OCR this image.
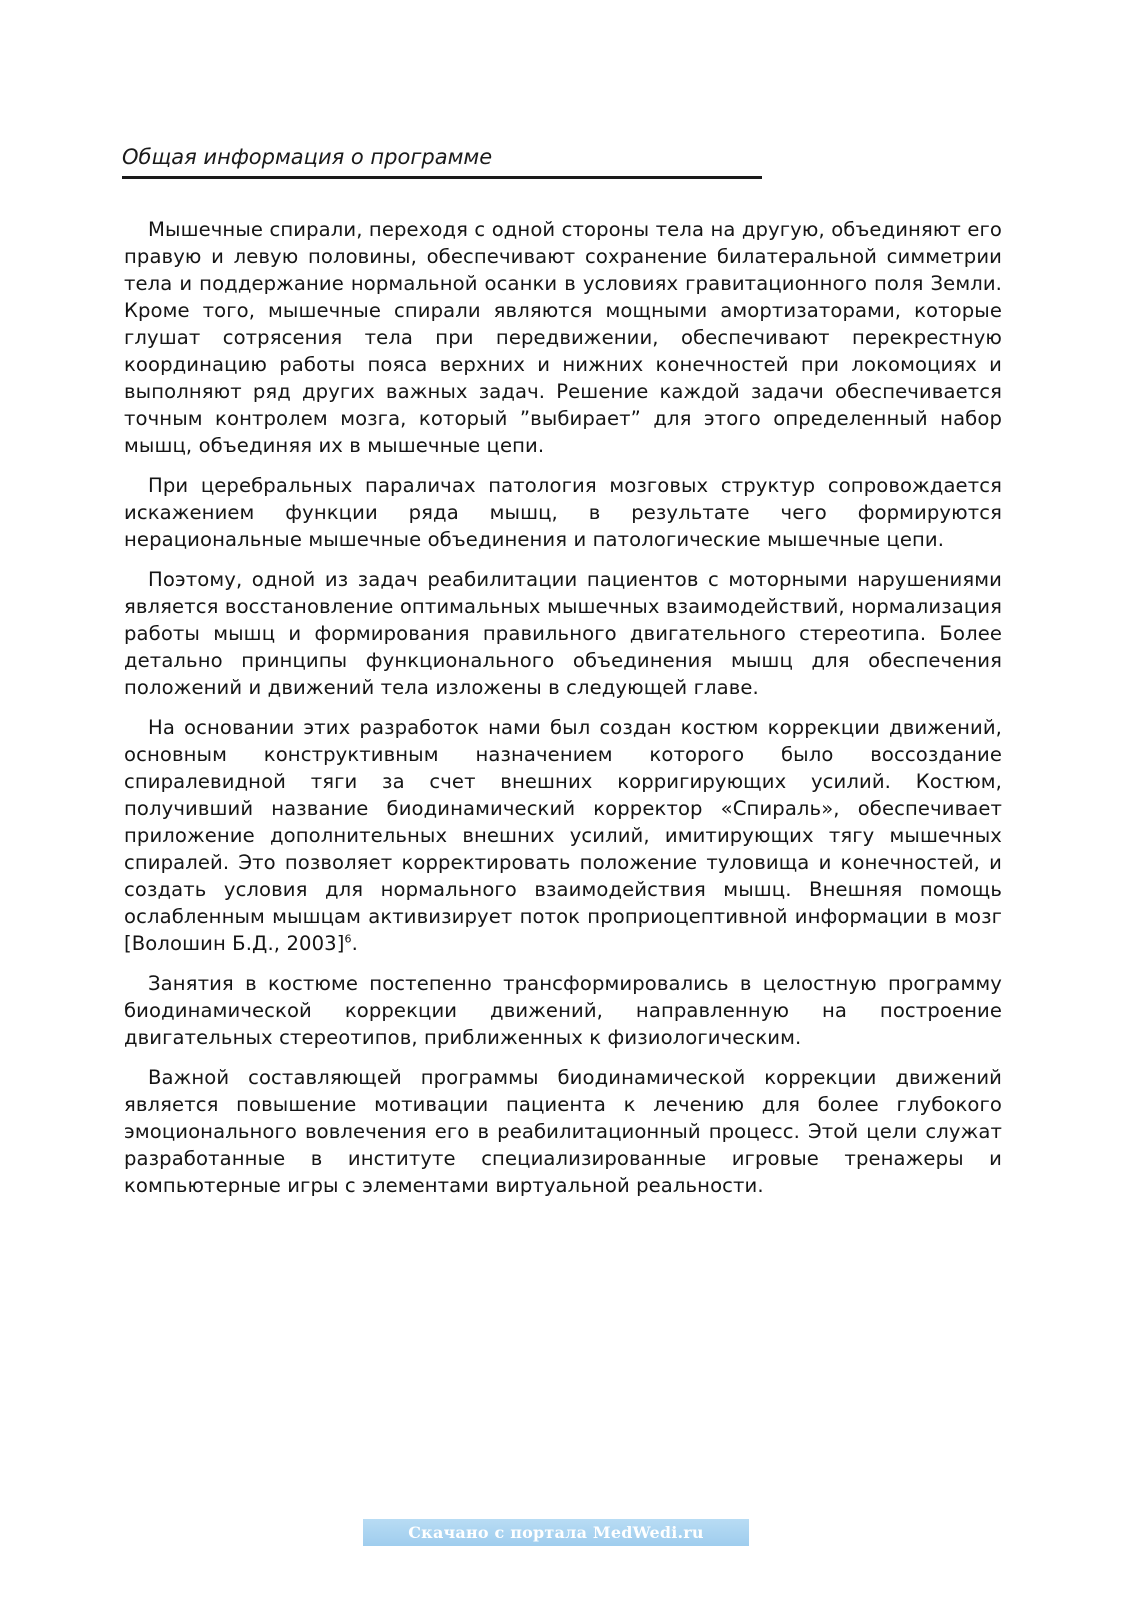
Общая информация о программе

Мышечные спирали, переходя с одной стороны тела на другую, объединяют его правую и левую половины, обеспечивают сохранение билатеральной симметрии тела и поддержание нормальной осанки в условиях гравитационного поля Земли. Кроме того, мышечные спирали являются мощными амортизаторами, которые глушат сотрясения тела при передвижении, обеспечивают перекрестную координацию работы пояса верхних и нижних конечностей при локомоциях и выполняют ряд других важных задач. Решение каждой задачи обеспечивается точным контролем мозга, который ”выбирает” для этого определенный набор мышц, объединяя их в мышечные цепи.

При церебральных параличах патология мозговых структур сопровождается искажением функции ряда мышц, в результате чего формируются нерациональные мышечные объединения и патологические мышечные цепи.

Поэтому, одной из задач реабилитации пациентов с моторными нарушениями является восстановление оптимальных мышечных взаимодействий, нормализация работы мышц и формирования правильного двигательного стереотипа. Более детально принципы функционального объединения мышц для обеспечения положений и движений тела изложены в следующей главе.

На основании этих разработок нами был создан костюм коррекции движений, основным конструктивным назначением которого было воссоздание спиралевидной тяги за счет внешних корригирующих усилий. Костюм, получивший название биодинамический корректор «Спираль», обеспечивает приложение дополнительных внешних усилий, имитирующих тягу мышечных спиралей. Это позволяет корректировать положение туловища и конечностей, и создать условия для нормального взаимодействия мышц. Внешняя помощь ослабленным мышцам активизирует поток проприоцептивной информации в мозг [Волошин Б.Д., 2003]$^6$.

Занятия в костюме постепенно трансформировались в целостную программу биодинамической коррекции движений, направленную на построение двигательных стереотипов, приближенных к физиологическим.

Важной составляющей программы биодинамической коррекции движений является повышение мотивации пациента к лечению для более глубокого эмоционального вовлечения его в реабилитационный процесс. Этой цели служат разработанные в институте специализированные игровые тренажеры и компьютерные игры с элементами виртуальной реальности.

Скачано с портала MedWedi.ru
